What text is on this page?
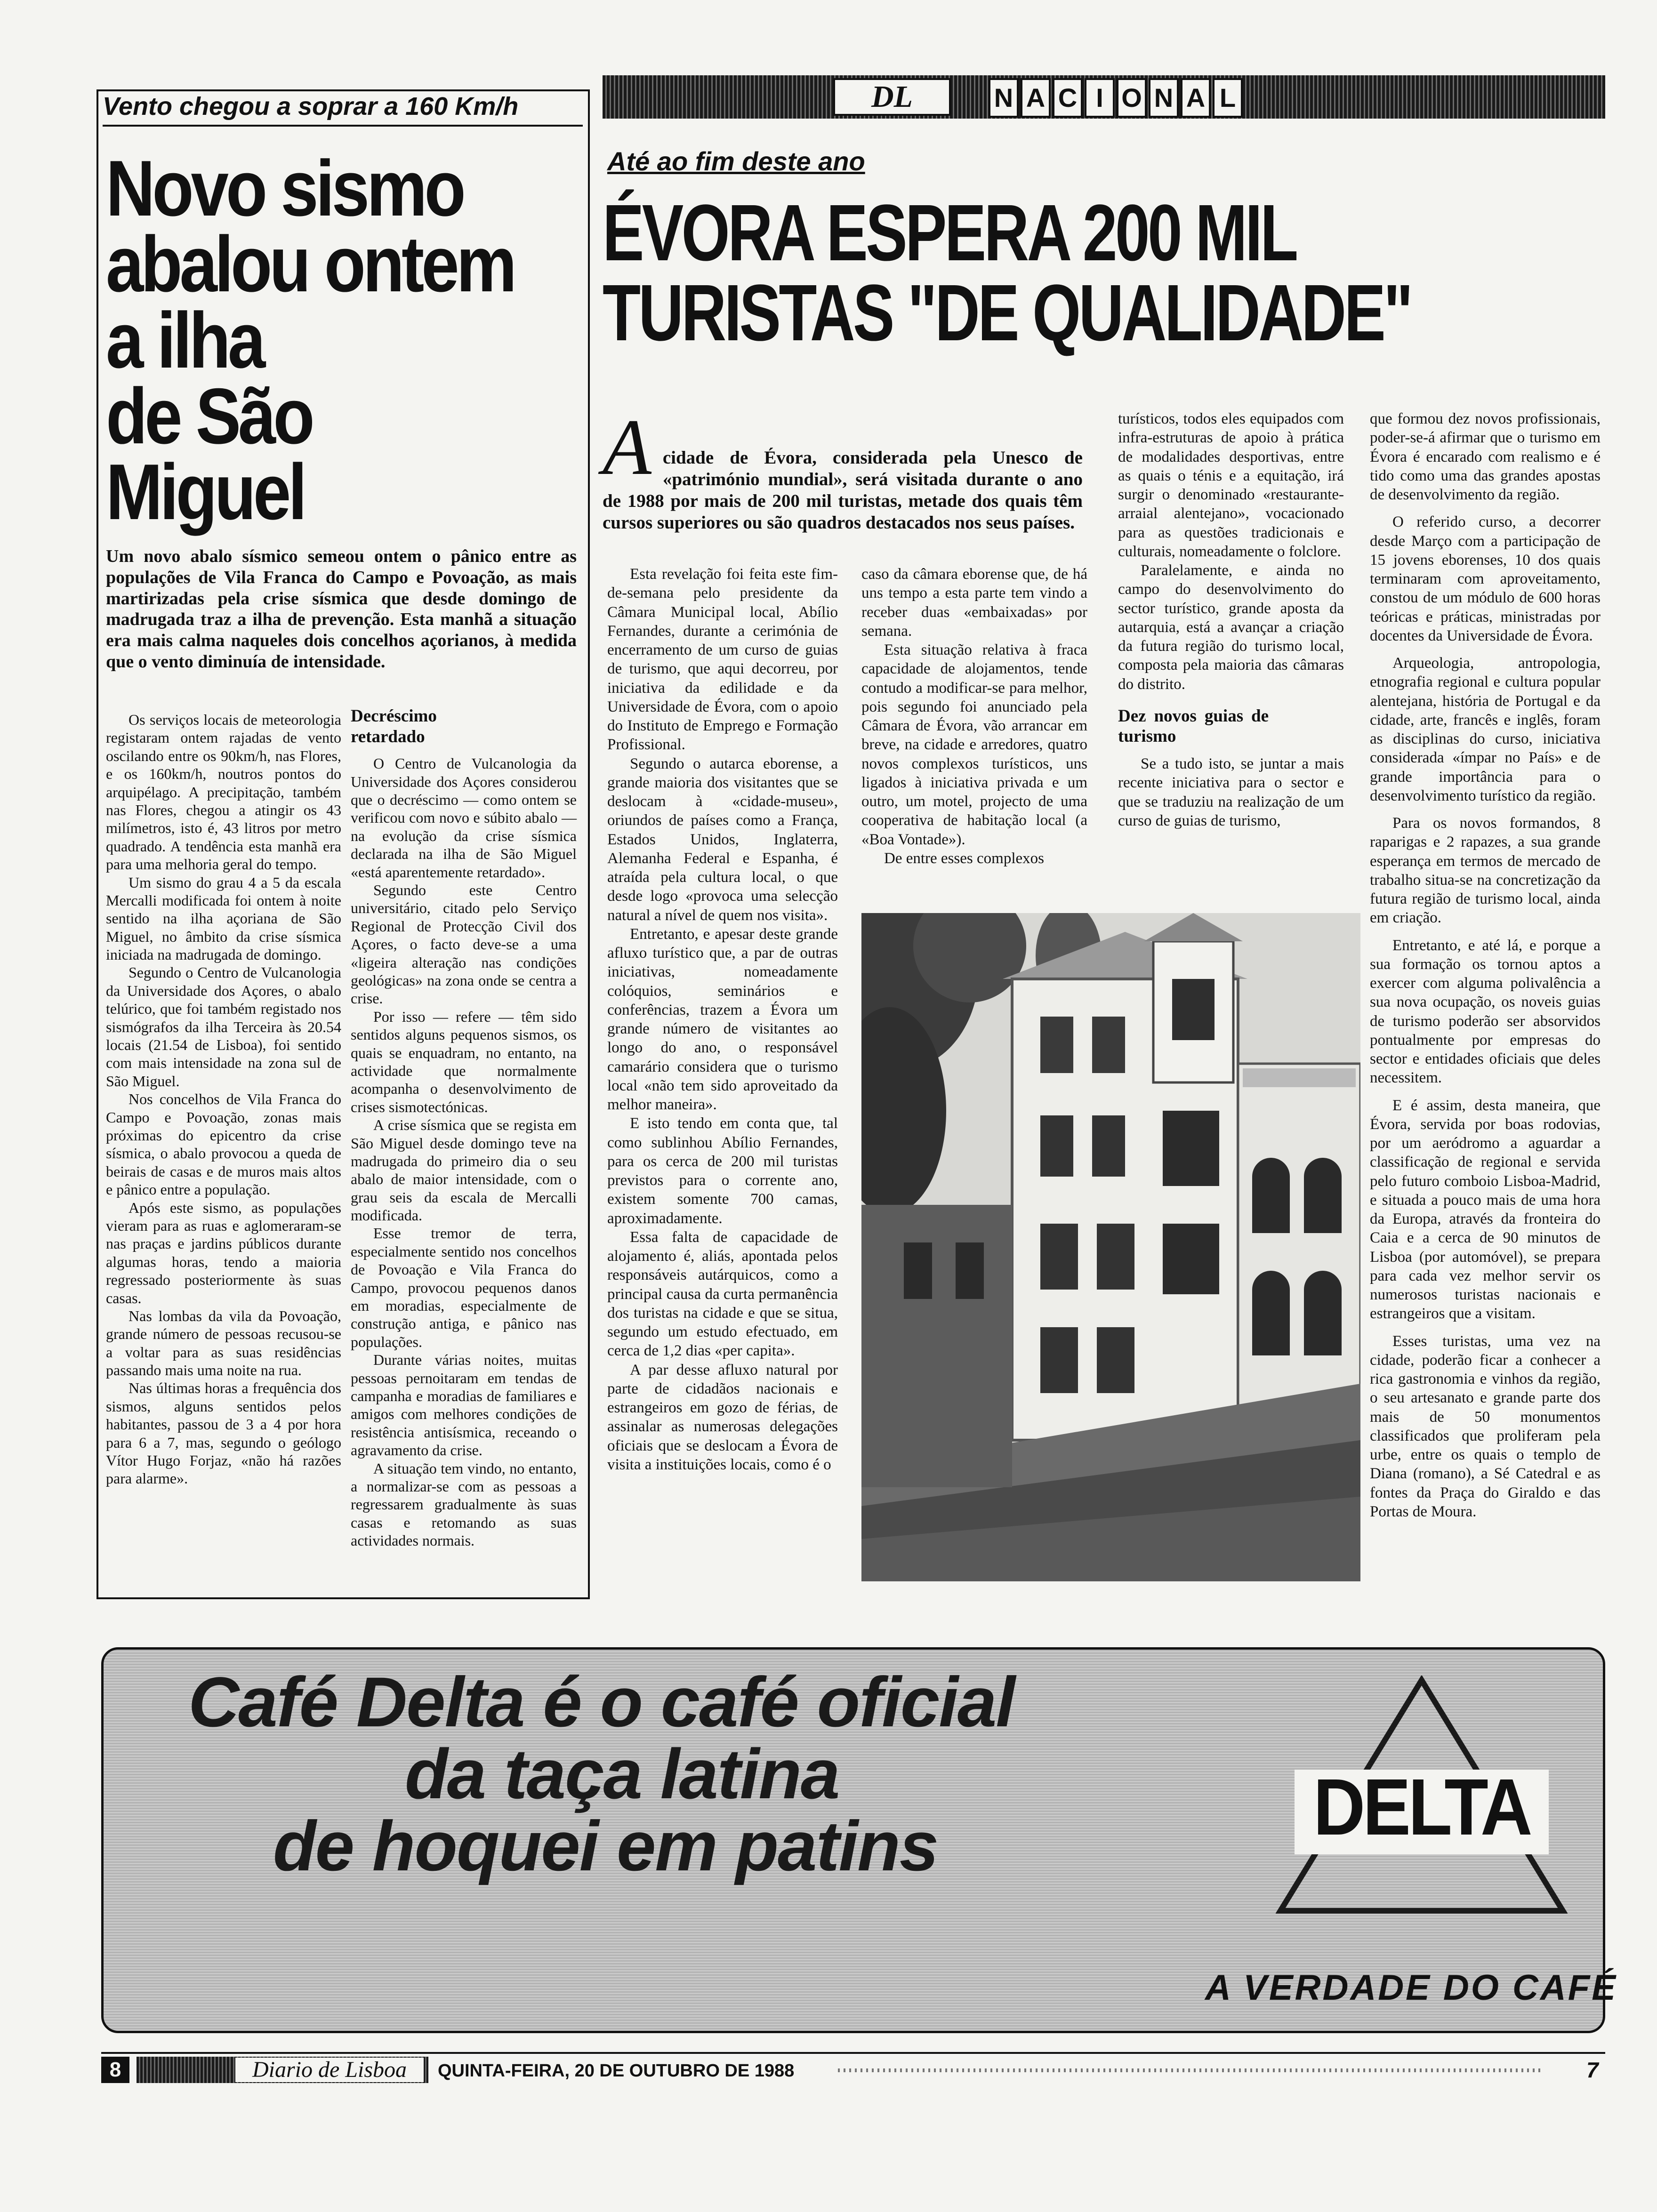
Vento chegou a soprar a 160 Km/h
Novo sismo
abalou ontem
a ilha
de São Miguel
Um novo abalo sísmico semeou ontem o pânico entre as populações de Vila Franca do Campo e Povoação, as mais martirizadas pela crise sísmica que desde domingo de madrugada traz a ilha de prevenção. Esta manhã a situação era mais calma naqueles dois concelhos açorianos, à medida que o vento diminuía de intensidade.

Os serviços locais de meteorologia registaram ontem rajadas de vento oscilando entre os 90km/h, nas Flores, e os 160km/h, noutros pontos do arquipélago. A precipitação, também nas Flores, chegou a atingir os 43 milímetros, isto é, 43 litros por metro quadrado. A tendência esta manhã era para uma melhoria geral do tempo.

Um sismo do grau 4 a 5 da escala Mercalli modificada foi ontem à noite sentido na ilha açoriana de São Miguel, no âmbito da crise sísmica iniciada na madrugada de domingo.

Segundo o Centro de Vulcanologia da Universidade dos Açores, o abalo telúrico, que foi também registado nos sismógrafos da ilha Terceira às 20.54 locais (21.54 de Lisboa), foi sentido com mais intensidade na zona sul de São Miguel.

Nos concelhos de Vila Franca do Campo e Povoação, zonas mais próximas do epicentro da crise sísmica, o abalo provocou a queda de beirais de casas e de muros mais altos e pânico entre a população.

Após este sismo, as populações vieram para as ruas e aglomeraram-se nas praças e jardins públicos durante algumas horas, tendo a maioria regressado posteriormente às suas casas.

Nas lombas da vila da Povoação, grande número de pessoas recusou-se a voltar para as suas residências passando mais uma noite na rua.

Nas últimas horas a frequência dos sismos, alguns sentidos pelos habitantes, passou de 3 a 4 por hora para 6 a 7, mas, segundo o geólogo Vítor Hugo Forjaz, «não há razões para alarme».

Decréscimo retardado

O Centro de Vulcanologia da Universidade dos Açores considerou que o decréscimo — como ontem se verificou com novo e súbito abalo — na evolução da crise sísmica declarada na ilha de São Miguel «está aparentemente retardado».

Segundo este Centro universitário, citado pelo Serviço Regional de Protecção Civil dos Açores, o facto deve-se a uma «ligeira alteração nas condições geológicas» na zona onde se centra a crise.

Por isso — refere — têm sido sentidos alguns pequenos sismos, os quais se enquadram, no entanto, na actividade que normalmente acompanha o desenvolvimento de crises sismotectónicas.

A crise sísmica que se regista em São Miguel desde domingo teve na madrugada do primeiro dia o seu abalo de maior intensidade, com o grau seis da escala de Mercalli modificada.

Esse tremor de terra, especialmente sentido nos concelhos de Povoação e Vila Franca do Campo, provocou pequenos danos em moradias, especialmente de construção antiga, e pânico nas populações.

Durante várias noites, muitas pessoas pernoitaram em tendas de campanha e moradias de familiares e amigos com melhores condições de resistência antisísmica, receando o agravamento da crise.

A situação tem vindo, no entanto, a normalizar-se com as pessoas a regressarem gradualmente às suas casas e retomando as suas actividades normais.

DL	N A C I O N A L
Até ao fim deste ano
ÉVORA ESPERA 200 MIL
TURISTAS "DE QUALIDADE"
A cidade de Évora, considerada pela Unesco de «património mundial», será visitada durante o ano de 1988 por mais de 200 mil turistas, metade dos quais têm cursos superiores ou são quadros destacados nos seus países.

Esta revelação foi feita este fim-de-semana pelo presidente da Câmara Municipal local, Abílio Fernandes, durante a cerimónia de encerramento de um curso de guias de turismo, que aqui decorreu, por iniciativa da edilidade e da Universidade de Évora, com o apoio do Instituto de Emprego e Formação Profissional.

Segundo o autarca eborense, a grande maioria dos visitantes que se deslocam à «cidade-museu», oriundos de países como a França, Estados Unidos, Inglaterra, Alemanha Federal e Espanha, é atraída pela cultura local, o que desde logo «provoca uma selecção natural a nível de quem nos visita».

Entretanto, e apesar deste grande afluxo turístico que, a par de outras iniciativas, nomeadamente colóquios, seminários e conferências, trazem a Évora um grande número de visitantes ao longo do ano, o responsável camarário considera que o turismo local «não tem sido aproveitado da melhor maneira».

E isto tendo em conta que, tal como sublinhou Abílio Fernandes, para os cerca de 200 mil turistas previstos para o corrente ano, existem somente 700 camas, aproximadamente.

Essa falta de capacidade de alojamento é, aliás, apontada pelos responsáveis autárquicos, como a principal causa da curta permanência dos turistas na cidade e que se situa, segundo um estudo efectuado, em cerca de 1,2 dias «per capita».

A par desse afluxo natural por parte de cidadãos nacionais e estrangeiros em gozo de férias, de assinalar as numerosas delegações oficiais que se deslocam a Évora de visita a instituições locais, como é o

caso da câmara eborense que, de há uns tempo a esta parte tem vindo a receber duas «embaixadas» por semana.

Esta situação relativa à fraca capacidade de alojamentos, tende contudo a modificar-se para melhor, pois segundo foi anunciado pela Câmara de Évora, vão arrancar em breve, na cidade e arredores, quatro novos complexos turísticos, uns ligados à iniciativa privada e um outro, um motel, projecto de uma cooperativa de habitação local (a «Boa Vontade»).

De entre esses complexos

turísticos, todos eles equipados com infra-estruturas de apoio à prática de modalidades desportivas, entre as quais o ténis e a equitação, irá surgir o denominado «restaurante-arraial alentejano», vocacionado para as questões tradicionais e culturais, nomeadamente o folclore.

Paralelamente, e ainda no campo do desenvolvimento do sector turístico, grande aposta da autarquia, está a avançar a criação da futura região do turismo local, composta pela maioria das câmaras do distrito.

Dez novos guias de turismo

Se a tudo isto, se juntar a mais recente iniciativa para o sector e que se traduziu na realização de um curso de guias de turismo,

que formou dez novos profissionais, poder-se-á afirmar que o turismo em Évora é encarado com realismo e é tido como uma das grandes apostas de desenvolvimento da região.

O referido curso, a decorrer desde Março com a participação de 15 jovens eborenses, 10 dos quais terminaram com aproveitamento, constou de um módulo de 600 horas teóricas e práticas, ministradas por docentes da Universidade de Évora.

Arqueologia, antropologia, etnografia regional e cultura popular alentejana, história de Portugal e da cidade, arte, francês e inglês, foram as disciplinas do curso, iniciativa considerada «ímpar no País» e de grande importância para o desenvolvimento turístico da região.

Para os novos formandos, 8 raparigas e 2 rapazes, a sua grande esperança em termos de mercado de trabalho situa-se na concretização da futura região de turismo local, ainda em criação.

Entretanto, e até lá, e porque a sua formação os tornou aptos a exercer com alguma polivalência a sua nova ocupação, os noveis guias de turismo poderão ser absorvidos pontualmente por empresas do sector e entidades oficiais que deles necessitem.

E é assim, desta maneira, que Évora, servida por boas rodovias, por um aeródromo a aguardar a classificação de regional e servida pelo futuro comboio Lisboa-Madrid, e situada a pouco mais de uma hora da Europa, através da fronteira do Caia e a cerca de 90 minutos de Lisboa (por automóvel), se prepara para cada vez melhor servir os numerosos turistas nacionais e estrangeiros que a visitam.

Esses turistas, uma vez na cidade, poderão ficar a conhecer a rica gastronomia e vinhos da região, o seu artesanato e grande parte dos mais de 50 monumentos classificados que proliferam pela urbe, entre os quais o templo de Diana (romano), a Sé Catedral e as fontes da Praça do Giraldo e das Portas de Moura.

Café Delta é o café oficial
da taça latina
de hoquei em patins	DELTA
A VERDADE DO CAFÉ
8	Diario de Lisboa	QUINTA-FEIRA, 20 DE OUTUBRO DE 1988	7
